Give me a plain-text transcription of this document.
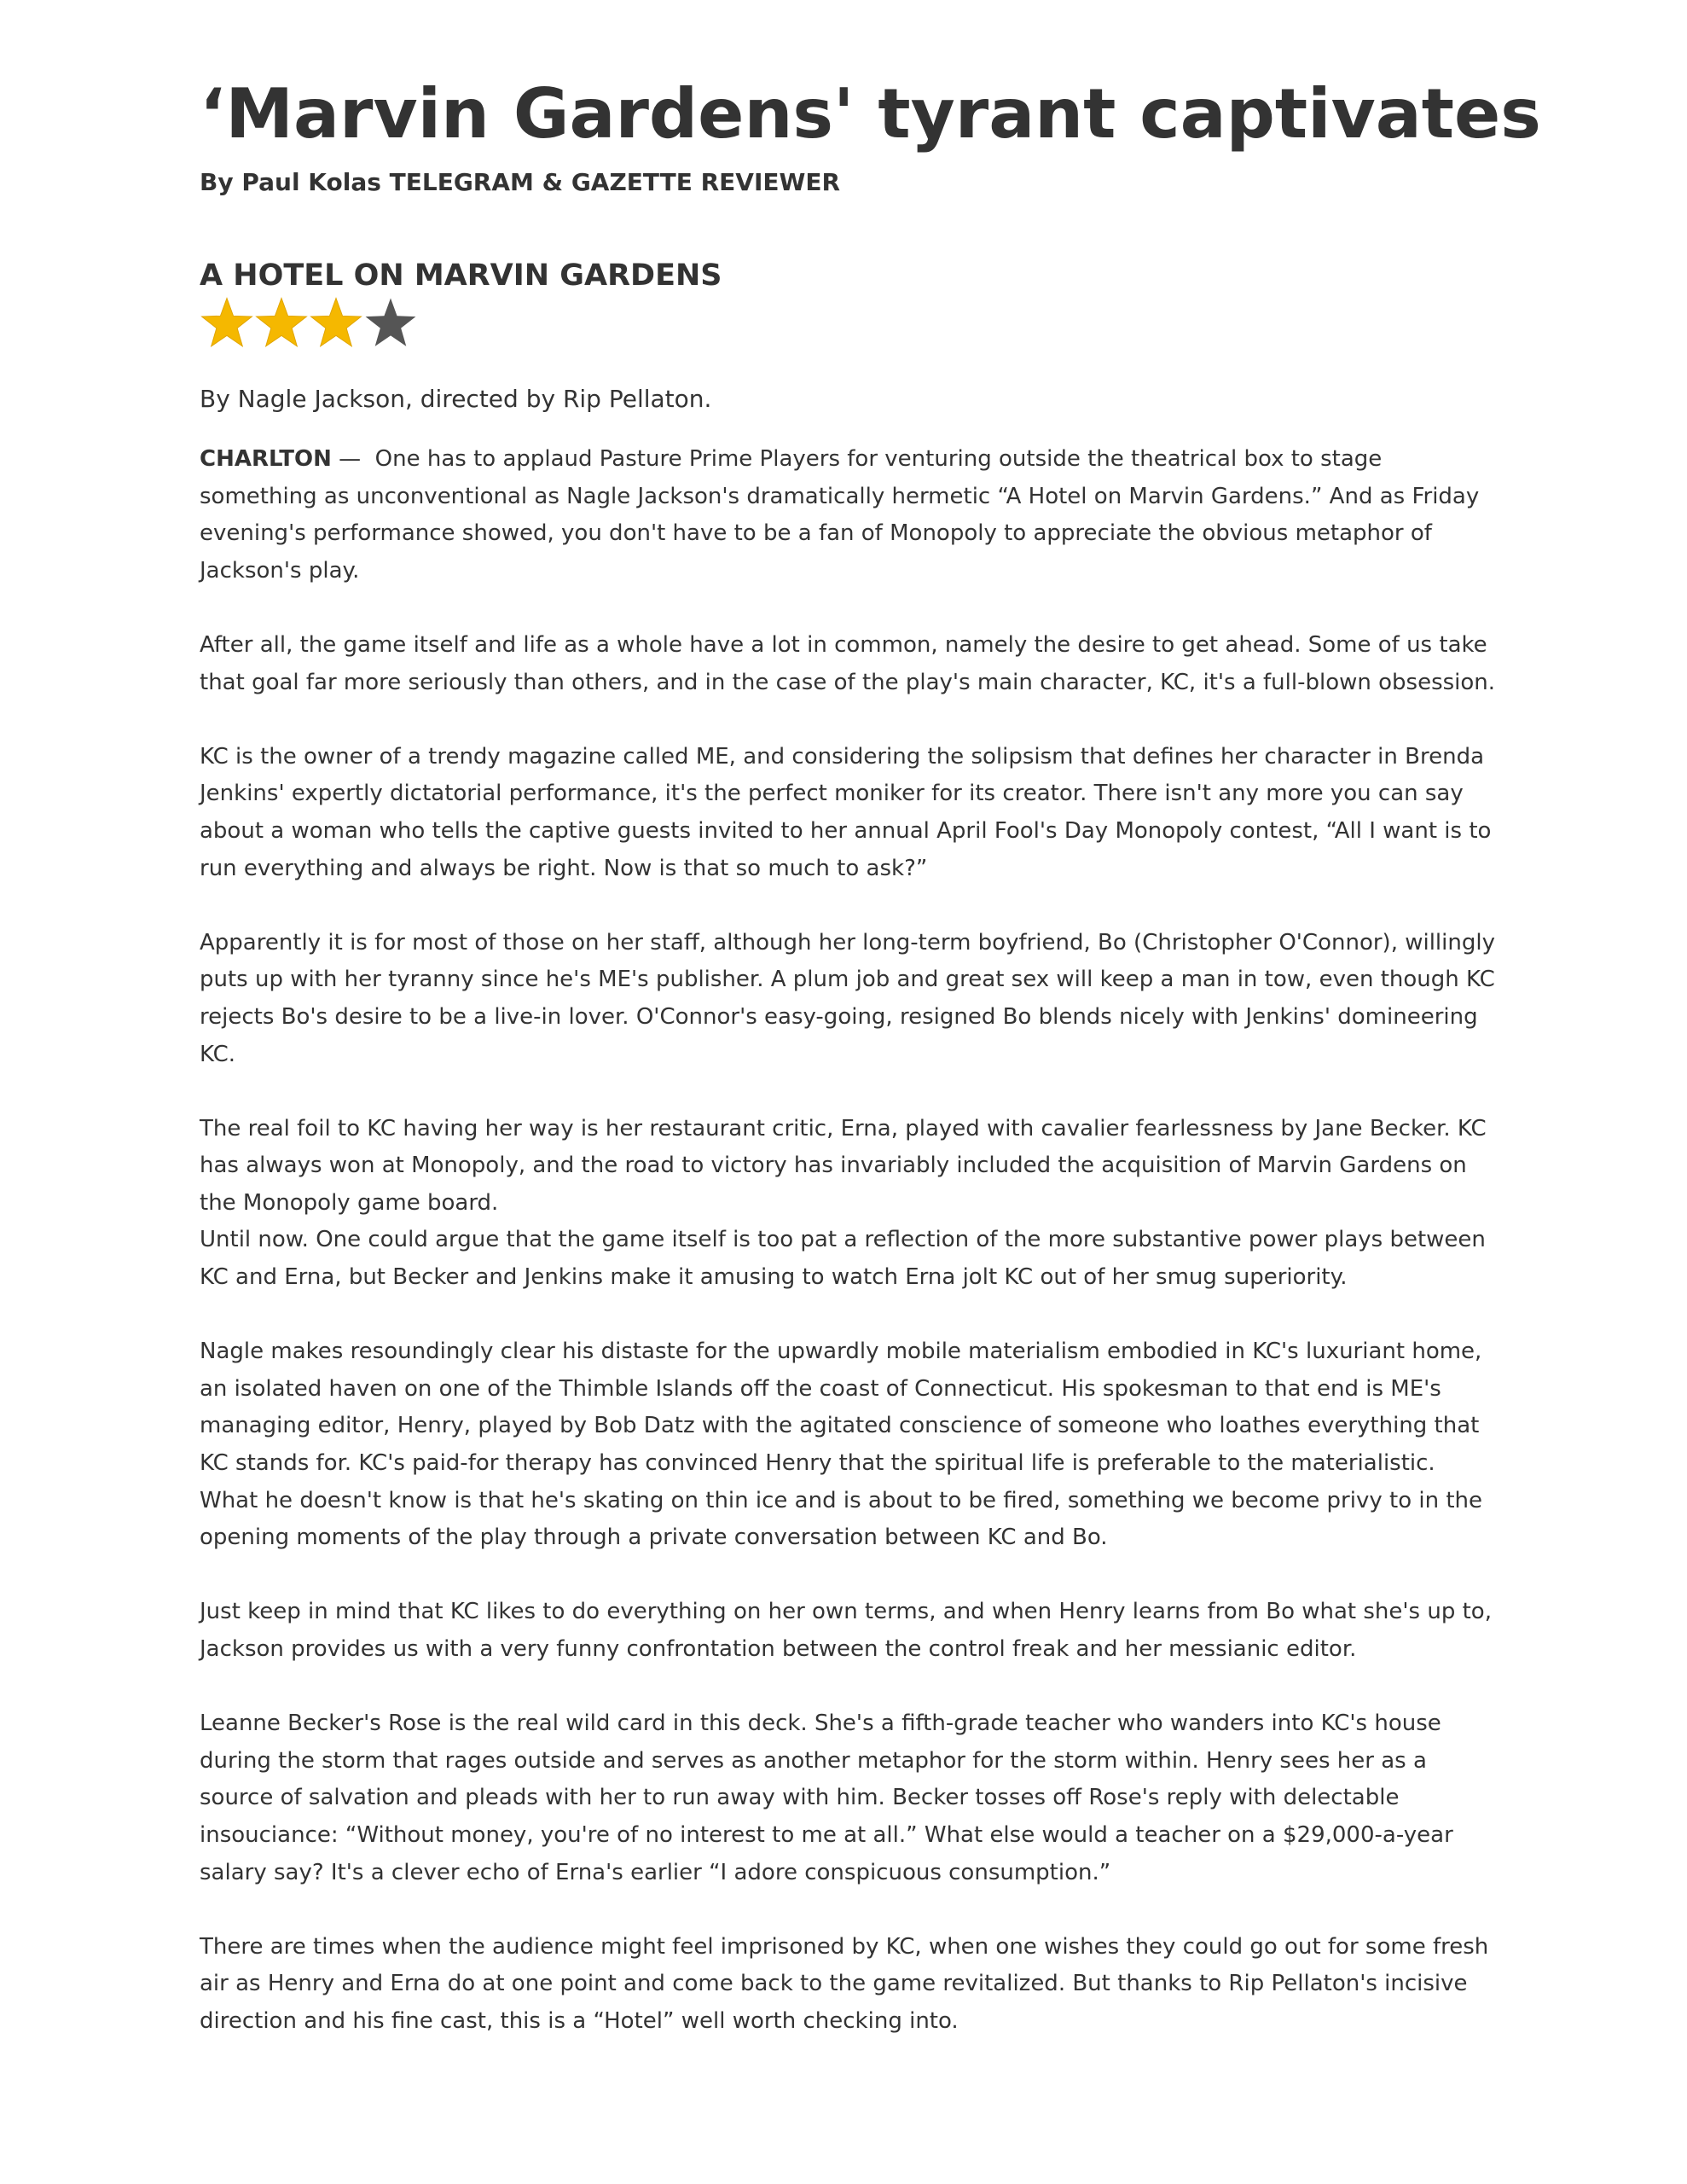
‘Marvin Gardens' tyrant captivates
By Paul Kolas TELEGRAM & GAZETTE REVIEWER
A HOTEL ON MARVIN GARDENS
By Nagle Jackson, directed by Rip Pellaton.

CHARLTON —  One has to applaud Pasture Prime Players for venturing outside the theatrical box to stage something as unconventional as Nagle Jackson's dramatically hermetic “A Hotel on Marvin Gardens.” And as Friday evening's performance showed, you don't have to be a fan of Monopoly to appreciate the obvious metaphor of Jackson's play.

After all, the game itself and life as a whole have a lot in common, namely the desire to get ahead. Some of us take that goal far more seriously than others, and in the case of the play's main character, KC, it's a full-blown obsession.

KC is the owner of a trendy magazine called ME, and considering the solipsism that defines her character in Brenda Jenkins' expertly dictatorial performance, it's the perfect moniker for its creator. There isn't any more you can say about a woman who tells the captive guests invited to her annual April Fool's Day Monopoly contest, “All I want is to run everything and always be right. Now is that so much to ask?”

Apparently it is for most of those on her staff, although her long-term boyfriend, Bo (Christopher O'Connor), willingly puts up with her tyranny since he's ME's publisher. A plum job and great sex will keep a man in tow, even though KC rejects Bo's desire to be a live-in lover. O'Connor's easy-going, resigned Bo blends nicely with Jenkins' domineering KC.

The real foil to KC having her way is her restaurant critic, Erna, played with cavalier fearlessness by Jane Becker. KC has always won at Monopoly, and the road to victory has invariably included the acquisition of Marvin Gardens on the Monopoly game board.

Until now. One could argue that the game itself is too pat a reflection of the more substantive power plays between KC and Erna, but Becker and Jenkins make it amusing to watch Erna jolt KC out of her smug superiority.

Nagle makes resoundingly clear his distaste for the upwardly mobile materialism embodied in KC's luxuriant home, an isolated haven on one of the Thimble Islands off the coast of Connecticut. His spokesman to that end is ME's managing editor, Henry, played by Bob Datz with the agitated conscience of someone who loathes everything that KC stands for. KC's paid-for therapy has convinced Henry that the spiritual life is preferable to the materialistic. What he doesn't know is that he's skating on thin ice and is about to be fired, something we become privy to in the opening moments of the play through a private conversation between KC and Bo.

Just keep in mind that KC likes to do everything on her own terms, and when Henry learns from Bo what she's up to, Jackson provides us with a very funny confrontation between the control freak and her messianic editor.

Leanne Becker's Rose is the real wild card in this deck. She's a fifth-grade teacher who wanders into KC's house during the storm that rages outside and serves as another metaphor for the storm within. Henry sees her as a source of salvation and pleads with her to run away with him. Becker tosses off Rose's reply with delectable insouciance: “Without money, you're of no interest to me at all.” What else would a teacher on a $29,000-a-year salary say? It's a clever echo of Erna's earlier “I adore conspicuous consumption.”

There are times when the audience might feel imprisoned by KC, when one wishes they could go out for some fresh air as Henry and Erna do at one point and come back to the game revitalized. But thanks to Rip Pellaton's incisive direction and his fine cast, this is a “Hotel” well worth checking into.
